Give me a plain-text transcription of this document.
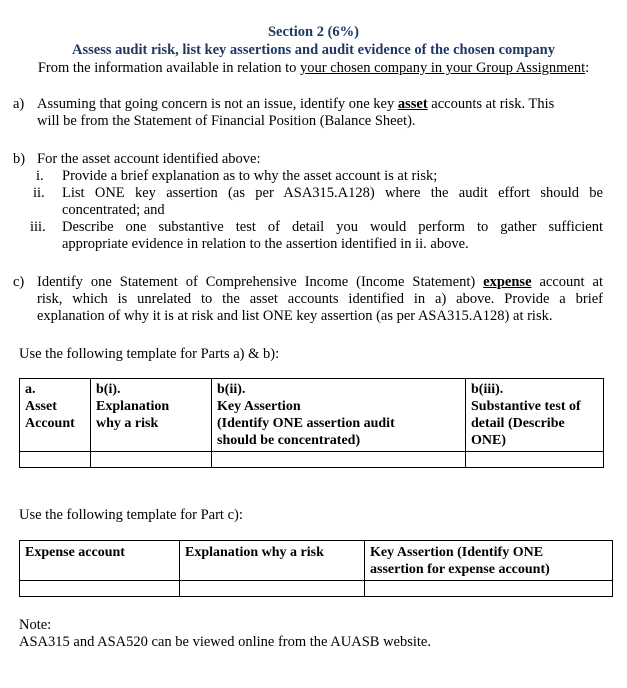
Section 2 (6%)
Assess audit risk, list key assertions and audit evidence of the chosen company
From the information available in relation to your chosen company in your Group Assignment:
a) Assuming that going concern is not an issue, identify one key asset accounts at risk. This
will be from the Statement of Financial Position (Balance Sheet).
b) For the asset account identified above:
i. Provide a brief explanation as to why the asset account is at risk;
ii. List ONE key assertion (as per ASA315.A128) where the audit effort should be
concentrated; and
iii. Describe one substantive test of detail you would perform to gather sufficient
appropriate evidence in relation to the assertion identified in ii. above.
c) Identify one Statement of Comprehensive Income (Income Statement) expense account at
risk, which is unrelated to the asset accounts identified in a) above. Provide a brief
explanation of why it is at risk and list ONE key assertion (as per ASA315.A128) at risk.
Use the following template for Parts a) & b):
a.
Asset
Account	b(i).
Explanation
why a risk	b(ii).
Key Assertion
(Identify ONE assertion audit
should be concentrated)	b(iii).
Substantive test of
detail (Describe
ONE)

Use the following template for Part c):
Expense account	Explanation why a risk	Key Assertion (Identify ONE
assertion for expense account)

Note:
ASA315 and ASA520 can be viewed online from the AUASB website.
